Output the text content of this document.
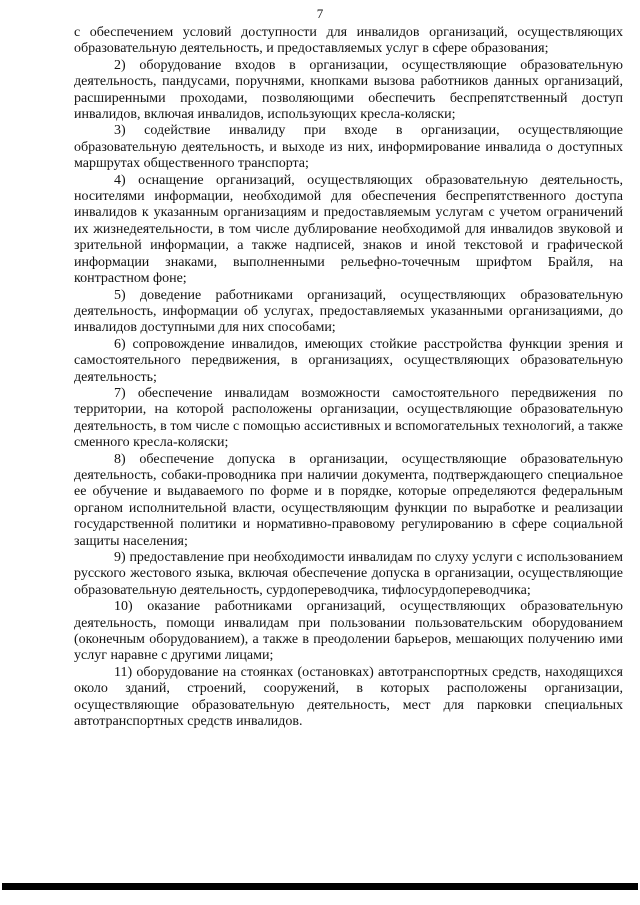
7

с обеспечением условий доступности для инвалидов организаций, осуществляющих образовательную деятельность, и предоставляемых услуг в сфере образования;

2) оборудование входов в организации, осуществляющие образовательную деятельность, пандусами, поручнями, кнопками вызова работников данных организаций, расширенными проходами, позволяющими обеспечить беспрепятственный доступ инвалидов, включая инвалидов, использующих кресла-коляски;

3) содействие инвалиду при входе в организации, осуществляющие образовательную деятельность, и выходе из них, информирование инвалида о доступных маршрутах общественного транспорта;

4) оснащение организаций, осуществляющих образовательную деятельность, носителями информации, необходимой для обеспечения беспрепятственного доступа инвалидов к указанным организациям и предоставляемым услугам с учетом ограничений их жизнедеятельности, в том числе дублирование необходимой для инвалидов звуковой и зрительной информации, а также надписей, знаков и иной текстовой и графической информации знаками, выполненными рельефно-точечным шрифтом Брайля, на контрастном фоне;

5) доведение работниками организаций, осуществляющих образовательную деятельность, информации об услугах, предоставляемых указанными организациями, до инвалидов доступными для них способами;

6) сопровождение инвалидов, имеющих стойкие расстройства функции зрения и самостоятельного передвижения, в организациях, осуществляющих образовательную деятельность;

7) обеспечение инвалидам возможности самостоятельного передвижения по территории, на которой расположены организации, осуществляющие образовательную деятельность, в том числе с помощью ассистивных и вспомогательных технологий, а также сменного кресла-коляски;

8) обеспечение допуска в организации, осуществляющие образовательную деятельность, собаки-проводника при наличии документа, подтверждающего специальное ее обучение и выдаваемого по форме и в порядке, которые определяются федеральным органом исполнительной власти, осуществляющим функции по выработке и реализации государственной политики и нормативно-правовому регулированию в сфере социальной защиты населения;

9) предоставление при необходимости инвалидам по слуху услуги с использованием русского жестового языка, включая обеспечение допуска в организации, осуществляющие образовательную деятельность, сурдопереводчика, тифлосурдопереводчика;

10) оказание работниками организаций, осуществляющих образовательную деятельность, помощи инвалидам при пользовании пользовательским оборудованием (оконечным оборудованием), а также в преодолении барьеров, мешающих получению ими услуг наравне с другими лицами;

11) оборудование на стоянках (остановках) автотранспортных средств, находящихся около зданий, строений, сооружений, в которых расположены организации, осуществляющие образовательную деятельность, мест для парковки специальных автотранспортных средств инвалидов.
